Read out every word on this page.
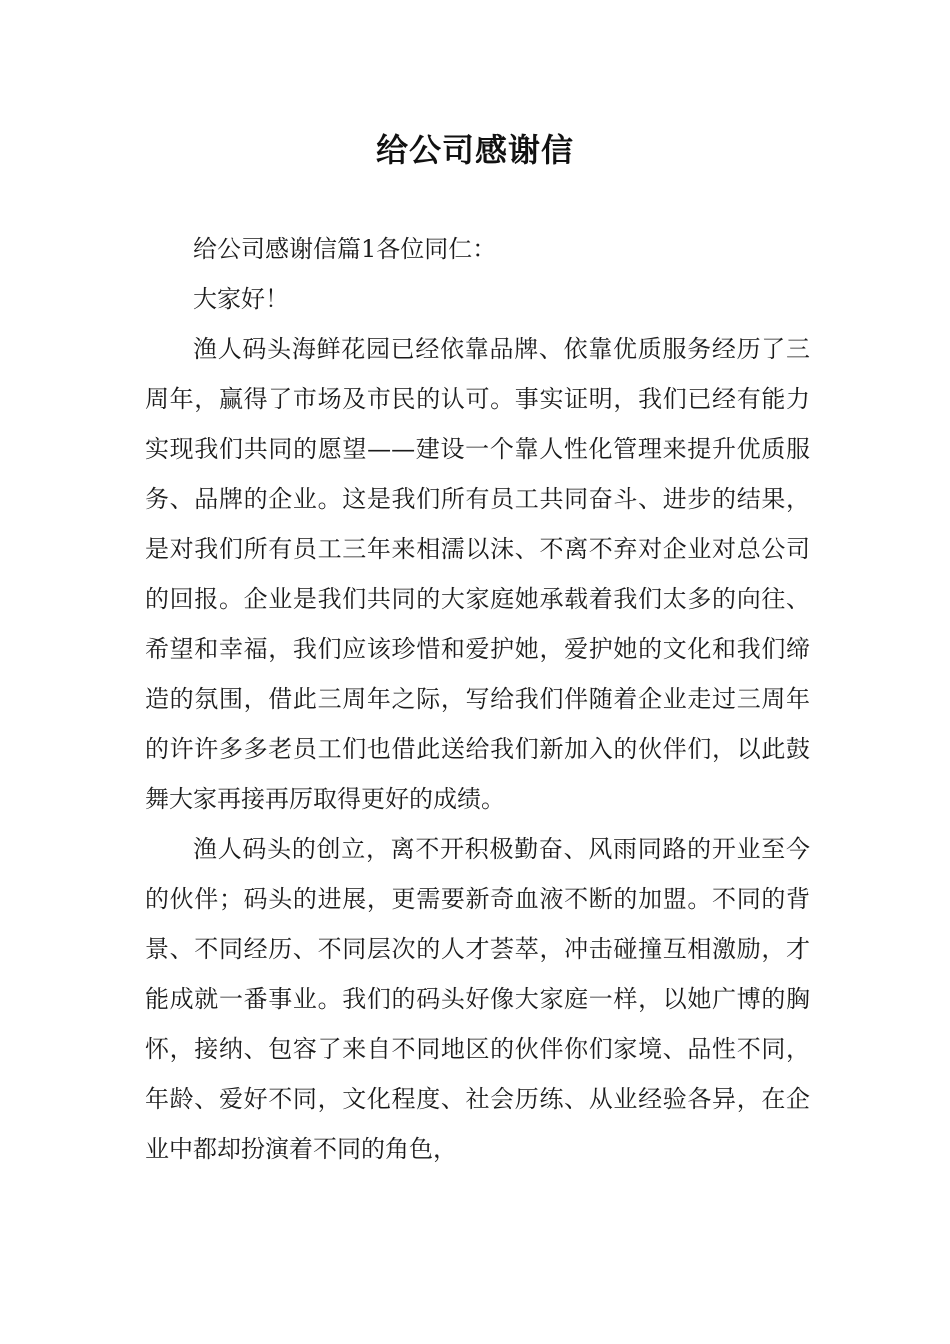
给公司感谢信

给公司感谢信篇1各位同仁：

大家好！

渔人码头海鲜花园已经依靠品牌、依靠优质服务经历了三周年，赢得了市场及市民的认可。事实证明，我们已经有能力实现我们共同的愿望——建设一个靠人性化管理来提升优质服务、品牌的企业。这是我们所有员工共同奋斗、进步的结果，是对我们所有员工三年来相濡以沫、不离不弃对企业对总公司的回报。企业是我们共同的大家庭她承载着我们太多的向往、希望和幸福，我们应该珍惜和爱护她，爱护她的文化和我们缔造的氛围，借此三周年之际，写给我们伴随着企业走过三周年的许许多多老员工们也借此送给我们新加入的伙伴们，以此鼓舞大家再接再厉取得更好的成绩。

渔人码头的创立，离不开积极勤奋、风雨同路的开业至今的伙伴；码头的进展，更需要新奇血液不断的加盟。不同的背景、不同经历、不同层次的人才荟萃，冲击碰撞互相激励，才能成就一番事业。我们的码头好像大家庭一样，以她广博的胸怀，接纳、包容了来自不同地区的伙伴你们家境、品性不同，年龄、爱好不同，文化程度、社会历练、从业经验各异，在企业中都却扮演着不同的角色，
